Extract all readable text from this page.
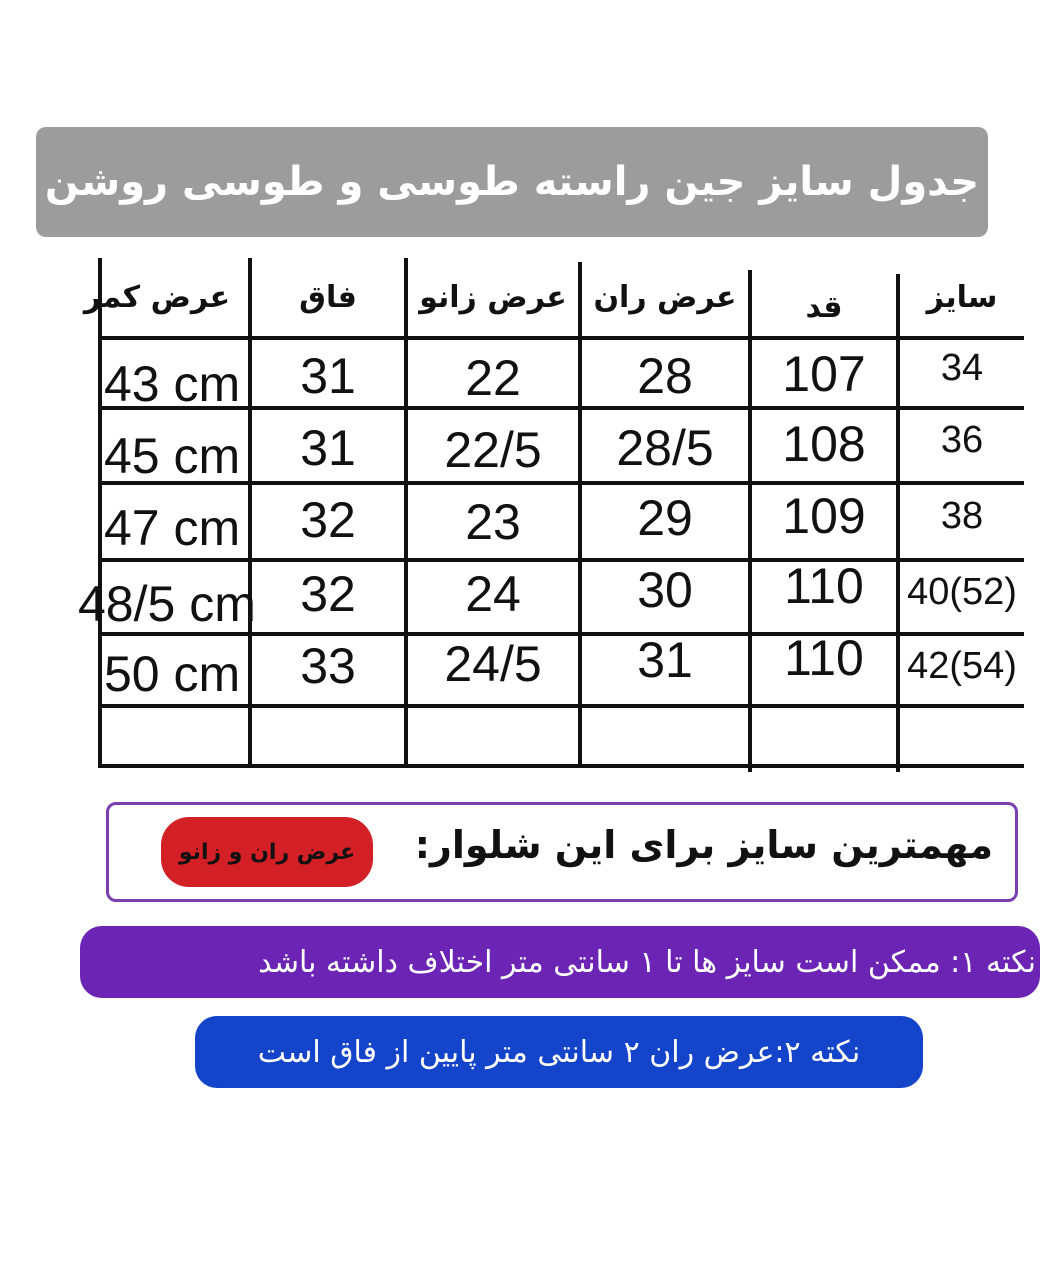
جدول سایز جین راسته طوسی و طوسی روشن
سایز
قد
عرض ران
عرض زانو
فاق
عرض کمر
34
107
28
22
31
43 cm
36
108
28/5
22/5
31
45 cm
38
109
29
23
32
47 cm
40(52)
110
30
24
32
48/5 cm
42(54)
110
31
24/5
33
50 cm
مهمترین سایز برای این شلوار:
عرض ران و زانو
نکته ۱: ممکن است سایز ها تا ۱ سانتی متر اختلاف داشته باشد
نکته ۲:عرض ران ۲ سانتی متر پایین از فاق است
